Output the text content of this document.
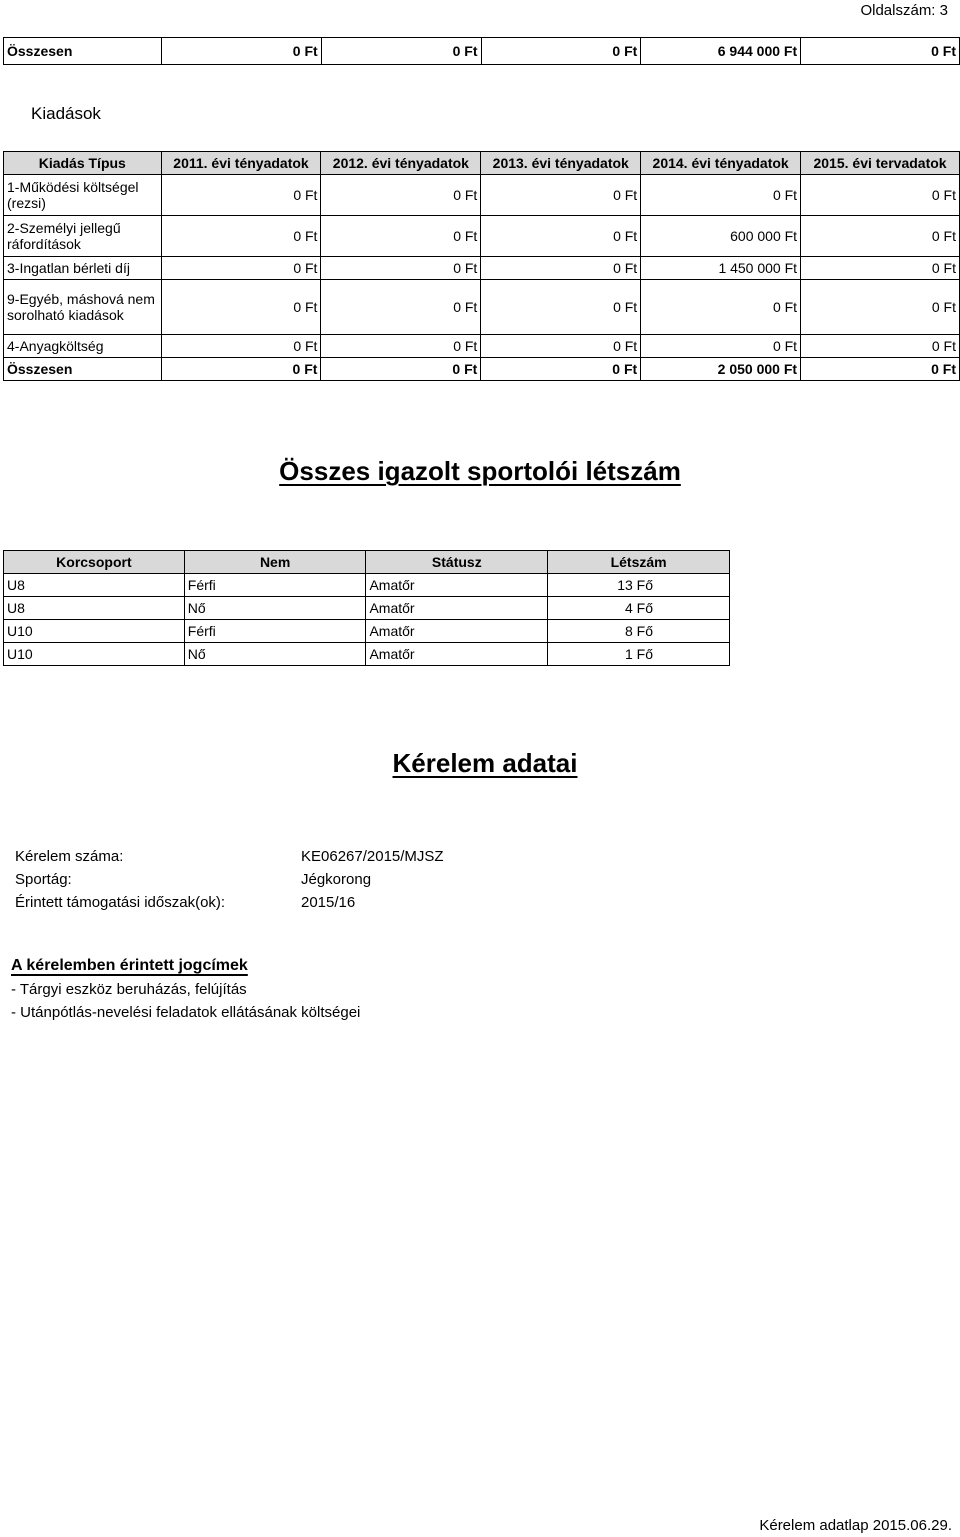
Oldalszám: 3
Összesen	0 Ft	0 Ft	0 Ft	6 944 000 Ft	0 Ft
Kiadások
Kiadás Típus	2011. évi tényadatok	2012. évi tényadatok	2013. évi tényadatok	2014. évi tényadatok	2015. évi tervadatok
1-Működési költségel (rezsi)	0 Ft	0 Ft	0 Ft	0 Ft	0 Ft
2-Személyi jellegű ráfordítások	0 Ft	0 Ft	0 Ft	600 000 Ft	0 Ft
3-Ingatlan bérleti díj	0 Ft	0 Ft	0 Ft	1 450 000 Ft	0 Ft
9-Egyéb, máshová nem sorolható kiadások	0 Ft	0 Ft	0 Ft	0 Ft	0 Ft
4-Anyagköltség	0 Ft	0 Ft	0 Ft	0 Ft	0 Ft
Összesen	0 Ft	0 Ft	0 Ft	2 050 000 Ft	0 Ft
Összes igazolt sportolói létszám
Korcsoport	Nem	Státusz	Létszám
U8	Férfi	Amatőr	13 Fő
U8	Nő	Amatőr	4 Fő
U10	Férfi	Amatőr	8 Fő
U10	Nő	Amatőr	1 Fő
Kérelem adatai
Kérelem száma:	KE06267/2015/MJSZ
Sportág:	Jégkorong
Érintett támogatási időszak(ok):	2015/16
A kérelemben érintett jogcímek
- Tárgyi eszköz beruházás, felújítás
- Utánpótlás-nevelési feladatok ellátásának költségei
Kérelem adatlap 2015.06.29.
